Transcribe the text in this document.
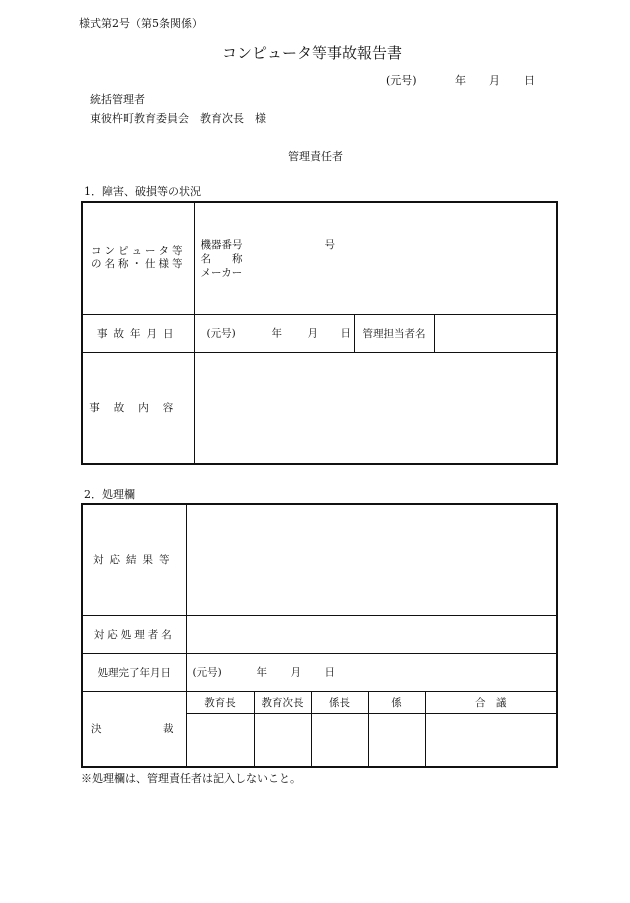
様式第2号（第5条関係）
コンピュータ等事故報告書
(元号)	年 月 日
統括管理者
東彼杵町教育委員会　教育次長　様
管理責任者
1．障害、破損等の状況
コンピュータ等
の名称・仕様等	機器番号 号
名　　称
メーカー		

事故年月日	(元号) 年 月 日	管理担当者名	
事故内容			
2．処理欄
対応結果等					
対応処理者名					
処理完了年月日	(元号) 年 月 日				

決 裁	教育長	教育次長	係長	係	合　議

※処理欄は、管理責任者は記入しないこと。
